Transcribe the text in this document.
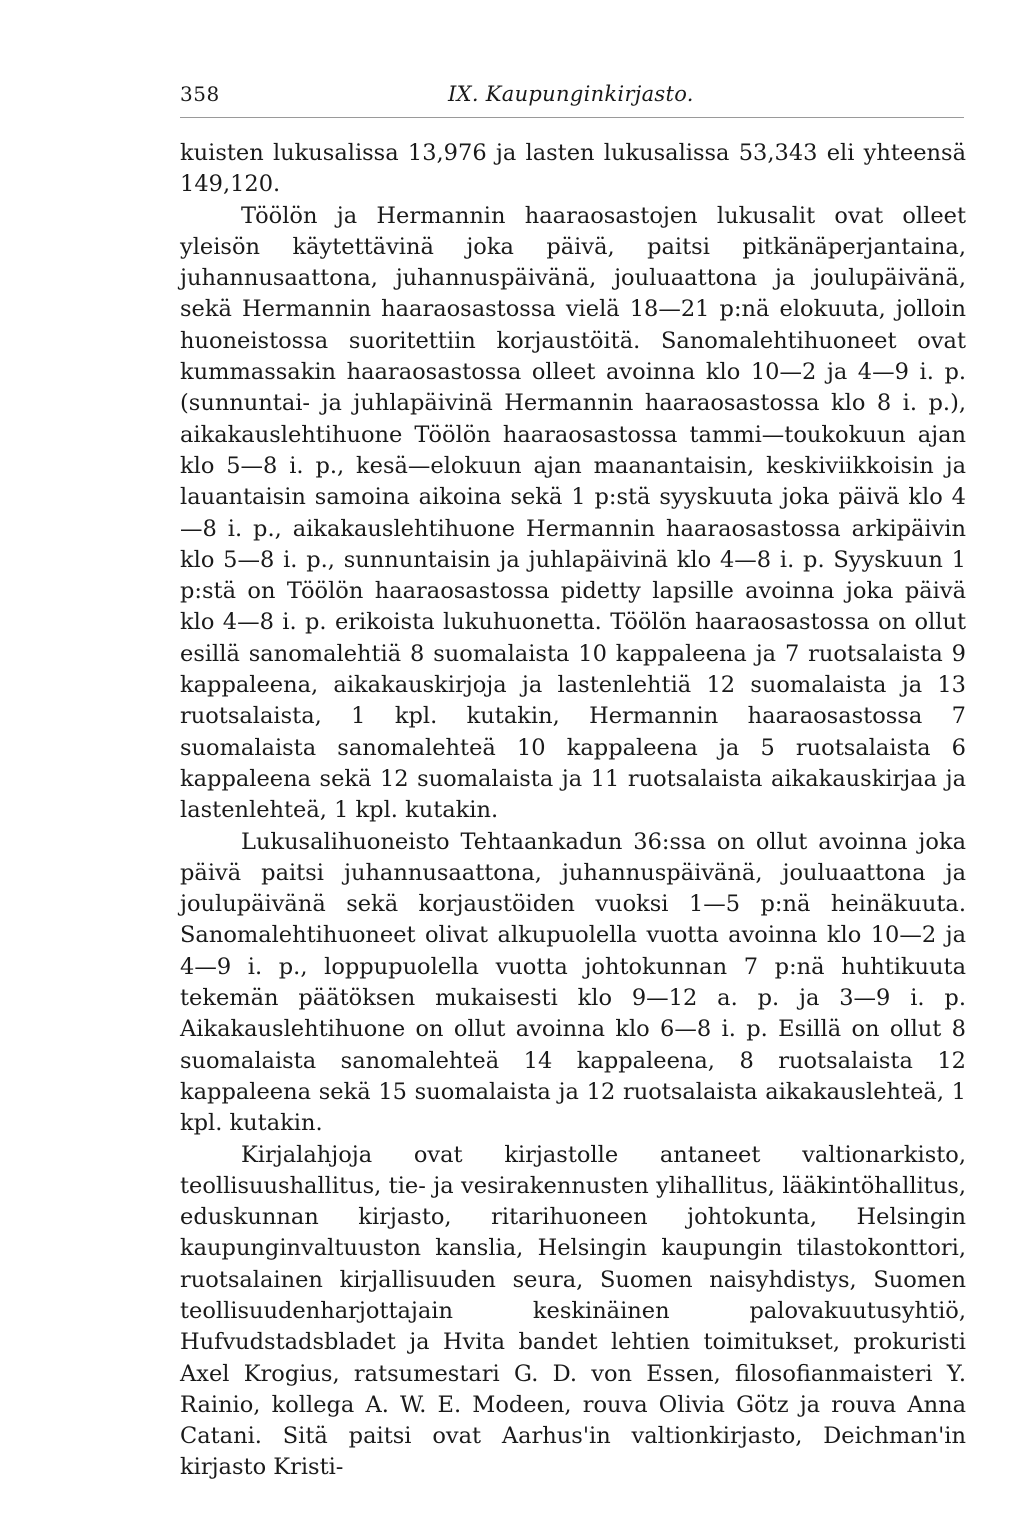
358	IX. Kaupunginkirjasto.

kuisten lukusalissa 13,976 ja lasten lukusalissa 53,343 eli yhteensä 149,120.

Töölön ja Hermannin haaraosastojen lukusalit ovat olleet yleisön käytettävinä joka päivä, paitsi pitkänäperjantaina, juhannusaattona, juhannuspäivänä, jouluaattona ja joulupäivänä, sekä Hermannin haaraosastossa vielä 18—21 p:nä elokuuta, jolloin huoneistossa suoritettiin korjaustöitä. Sanomalehtihuoneet ovat kummassakin haaraosastossa olleet avoinna klo 10—2 ja 4—9 i. p. (sunnuntai- ja juhlapäivinä Hermannin haaraosastossa klo 8 i. p.), aikakauslehtihuone Töölön haaraosastossa tammi—toukokuun ajan klo 5—8 i. p., kesä—elokuun ajan maanantaisin, keskiviikkoisin ja lauantaisin samoina aikoina sekä 1 p:stä syyskuuta joka päivä klo 4—8 i. p., aikakauslehtihuone Hermannin haaraosastossa arkipäivin klo 5—8 i. p., sunnuntaisin ja juhlapäivinä klo 4—8 i. p. Syyskuun 1 p:stä on Töölön haaraosastossa pidetty lapsille avoinna joka päivä klo 4—8 i. p. erikoista lukuhuonetta. Töölön haaraosastossa on ollut esillä sanomalehtiä 8 suomalaista 10 kappaleena ja 7 ruotsalaista 9 kappaleena, aikakauskirjoja ja lastenlehtiä 12 suomalaista ja 13 ruotsalaista, 1 kpl. kutakin, Hermannin haaraosastossa 7 suomalaista sanomalehteä 10 kappaleena ja 5 ruotsalaista 6 kappaleena sekä 12 suomalaista ja 11 ruotsalaista aikakauskirjaa ja lastenlehteä, 1 kpl. kutakin.

Lukusalihuoneisto Tehtaankadun 36:ssa on ollut avoinna joka päivä paitsi juhannusaattona, juhannuspäivänä, jouluaattona ja joulupäivänä sekä korjaustöiden vuoksi 1—5 p:nä heinäkuuta. Sanomalehtihuoneet olivat alkupuolella vuotta avoinna klo 10—2 ja 4—9 i. p., loppupuolella vuotta johtokunnan 7 p:nä huhtikuuta tekemän päätöksen mukaisesti klo 9—12 a. p. ja 3—9 i. p. Aikakauslehtihuone on ollut avoinna klo 6—8 i. p. Esillä on ollut 8 suomalaista sanomalehteä 14 kappaleena, 8 ruotsalaista 12 kappaleena sekä 15 suomalaista ja 12 ruotsalaista aikakauslehteä, 1 kpl. kutakin.

Kirjalahjoja ovat kirjastolle antaneet valtionarkisto, teollisuushallitus, tie- ja vesirakennusten ylihallitus, lääkintöhallitus, eduskunnan kirjasto, ritarihuoneen johtokunta, Helsingin kaupunginvaltuuston kanslia, Helsingin kaupungin tilastokonttori, ruotsalainen kirjallisuuden seura, Suomen naisyhdistys, Suomen teollisuudenharjottajain keskinäinen palovakuutusyhtiö, Hufvudstadsbladet ja Hvita bandet lehtien toimitukset, prokuristi Axel Krogius, ratsumestari G. D. von Essen, filosofianmaisteri Y. Rainio, kollega A. W. E. Modeen, rouva Olivia Götz ja rouva Anna Catani. Sitä paitsi ovat Aarhus'in valtionkirjasto, Deichman'in kirjasto Kristi-
